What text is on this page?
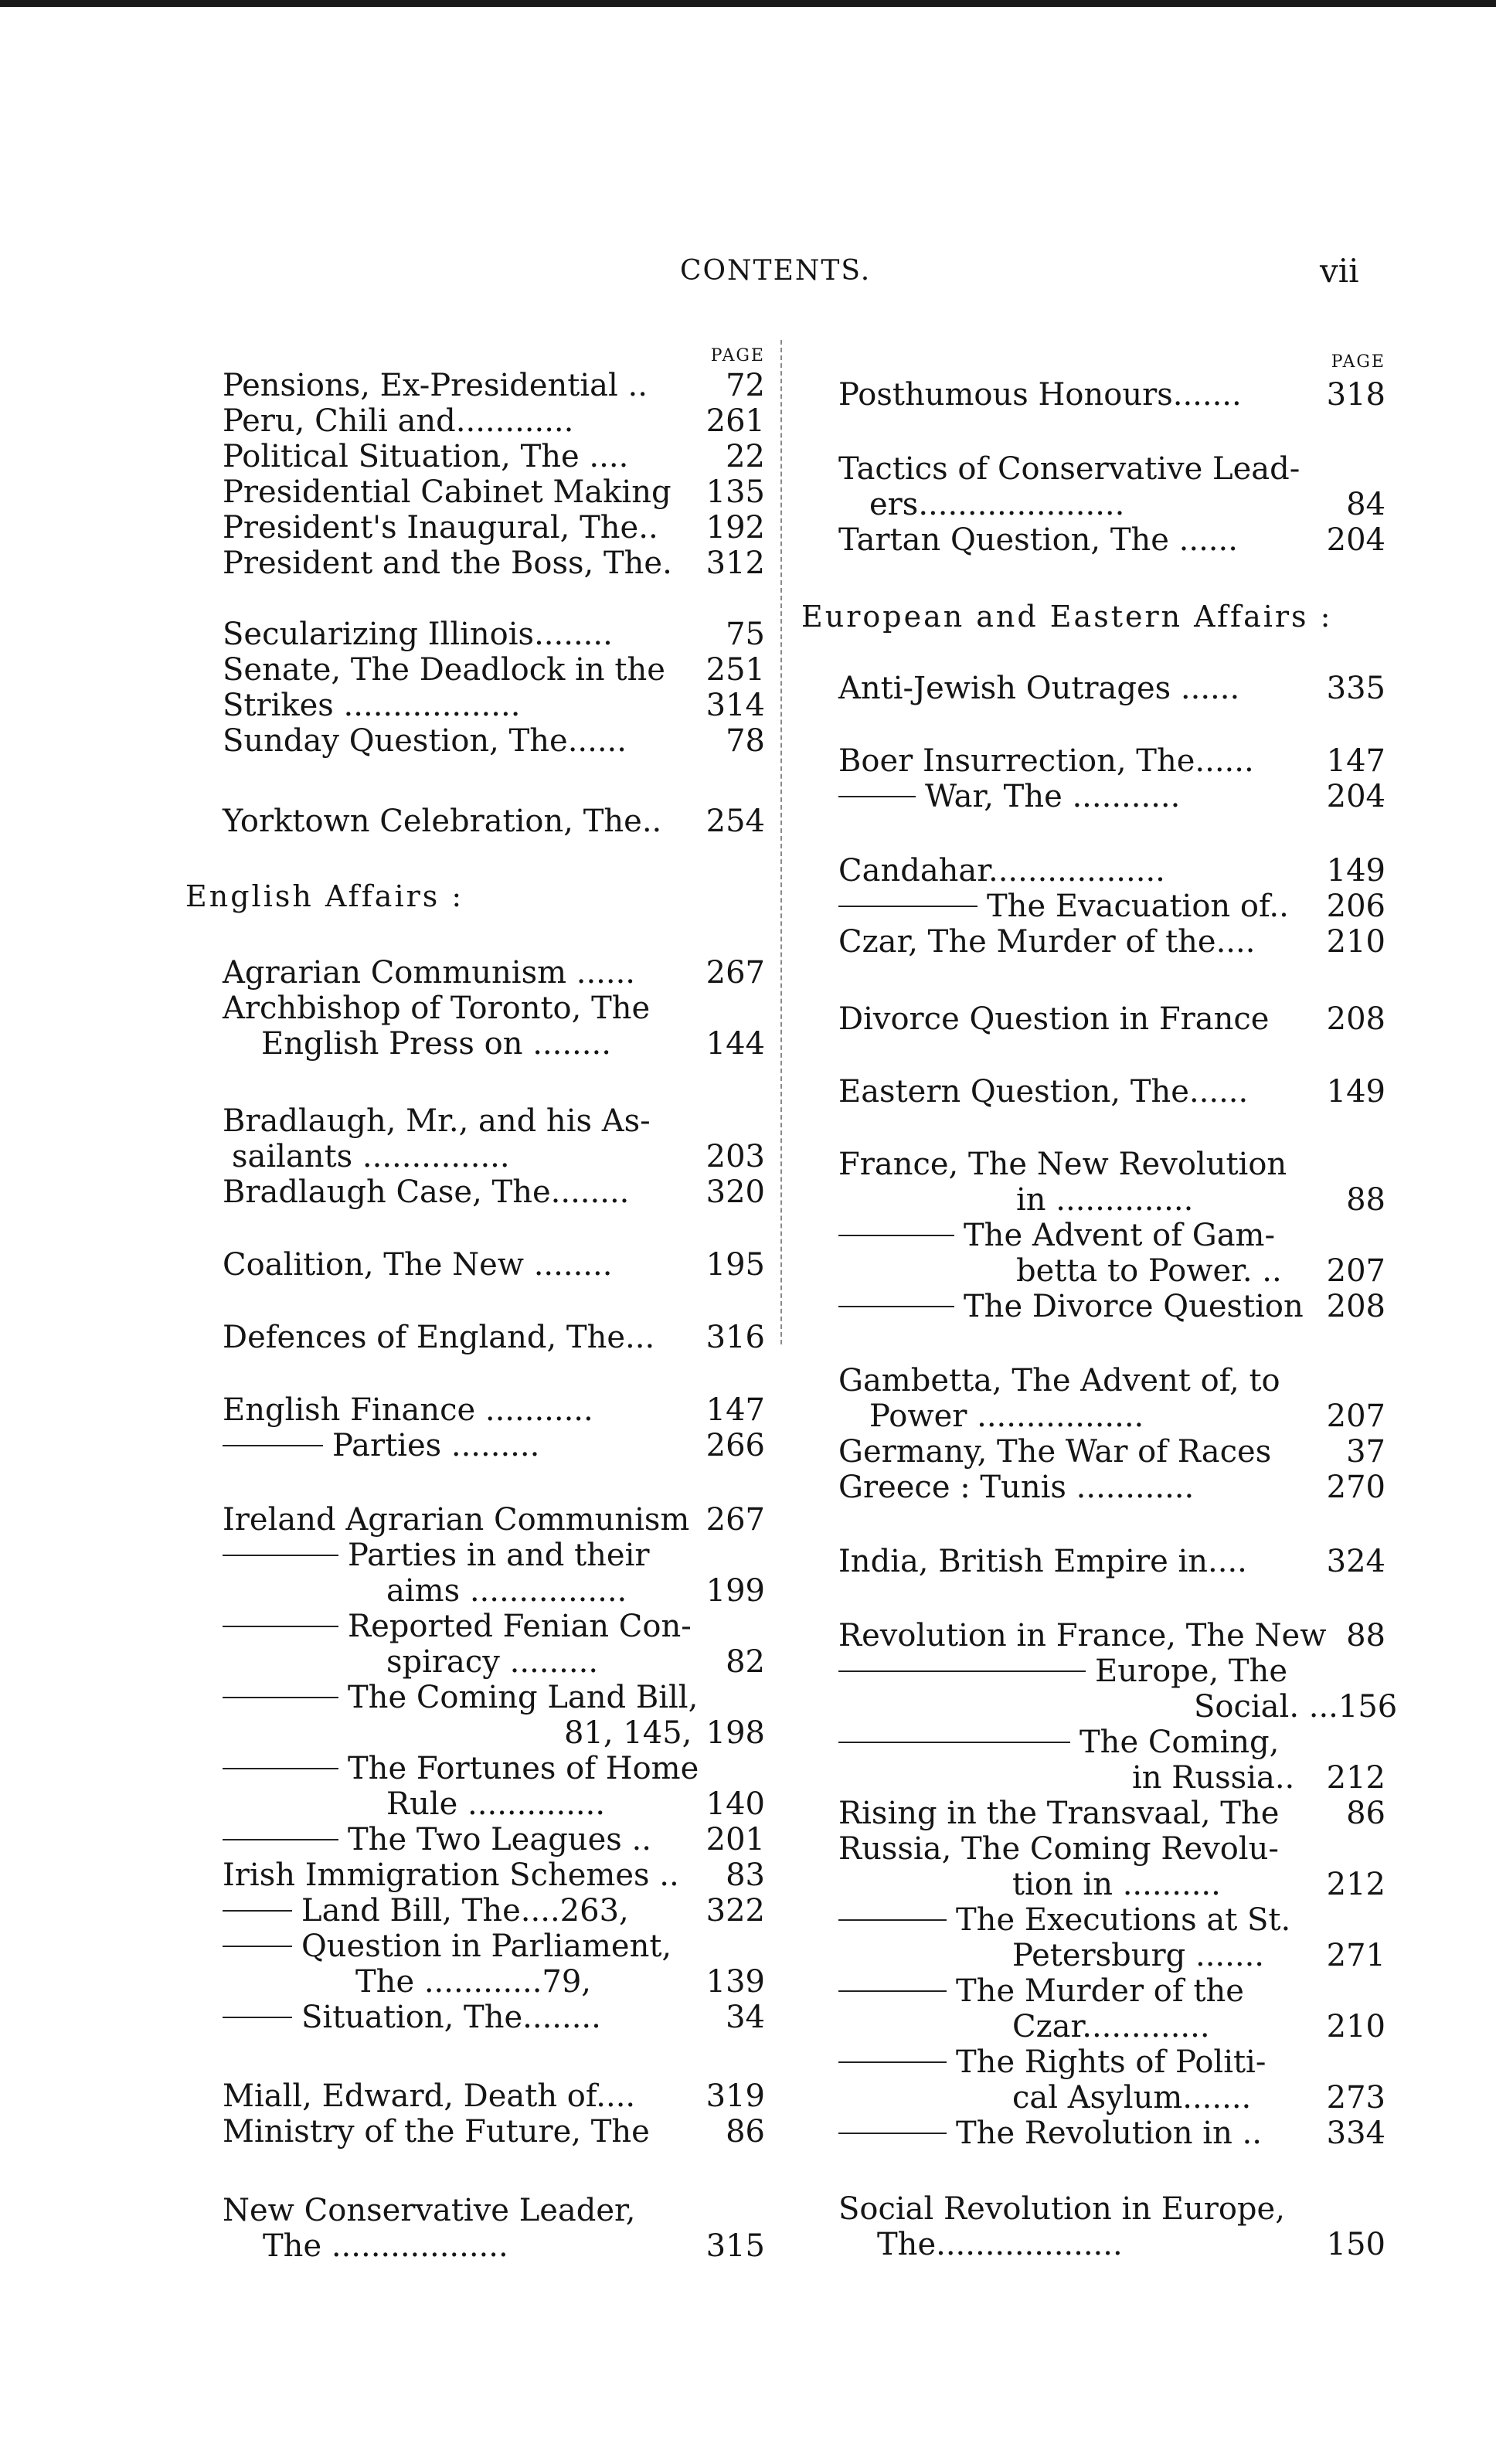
CONTENTS.	vii
PAGE
Pensions, Ex-Presidential ..	72
Peru, Chili and............	261
Political Situation, The ....	22
Presidential Cabinet Making 135
President's Inaugural, The.. 192
President and the Boss, The. 312
Secularizing Illinois........	75
Senate, The Deadlock in the 251
Strikes ..................	314
Sunday Question, The......	78
Yorktown Celebration, The.. 254
English Affairs :
Agrarian Communism ...... 267
Archbishop of Toronto, The
English Press on ........	144
Bradlaugh, Mr., and his As-
sailants ...............	203
Bradlaugh Case, The........ 320
Coalition, The New ........	195
Defences of England, The... 316
English Finance ...........	147
Parties .........	266
Ireland Agrarian Communism 267
Parties in and their
aims ................	199
Reported Fenian Con-
spiracy .........	82
The Coming Land Bill,
81, 145, 198
The Fortunes of Home
Rule ..............	140
The Two Leagues .. 201
Irish Immigration Schemes ..	83
Land Bill, The....263, 322
Question in Parliament,
The ............79,	139
Situation, The........	34
Miall, Edward, Death of.... 319
Ministry of the Future, The	86
New Conservative Leader,
The ..................	315
PAGE
Posthumous Honours.......	318
Tactics of Conservative Lead-
ers.....................	84
Tartan Question, The ......	204
European and Eastern Affairs :
Anti-Jewish Outrages ......	335
Boer Insurrection, The...... 147
War, The ...........	204
Candahar..................	149
The Evacuation of.. 206
Czar, The Murder of the.... 210
Divorce Question in France 208
Eastern Question, The......	149
France, The New Revolution
in ..............	88
The Advent of Gam-
betta to Power. .. 207
The Divorce Question 208
Gambetta, The Advent of, to
Power .................	207
Germany, The War of Races	37
Greece : Tunis ............	270
India, British Empire in....	324
Revolution in France, The New 88
Europe, The
Social. ... 156
The Coming,
in Russia.. 212
Rising in the Transvaal, The	86
Russia, The Coming Revolu-
tion in ..........	212
The Executions at St.
Petersburg ....... 271
The Murder of the
Czar.............	210
The Rights of Politi-
cal Asylum....... 273
The Revolution in .. 334
Social Revolution in Europe,
The...................	150
